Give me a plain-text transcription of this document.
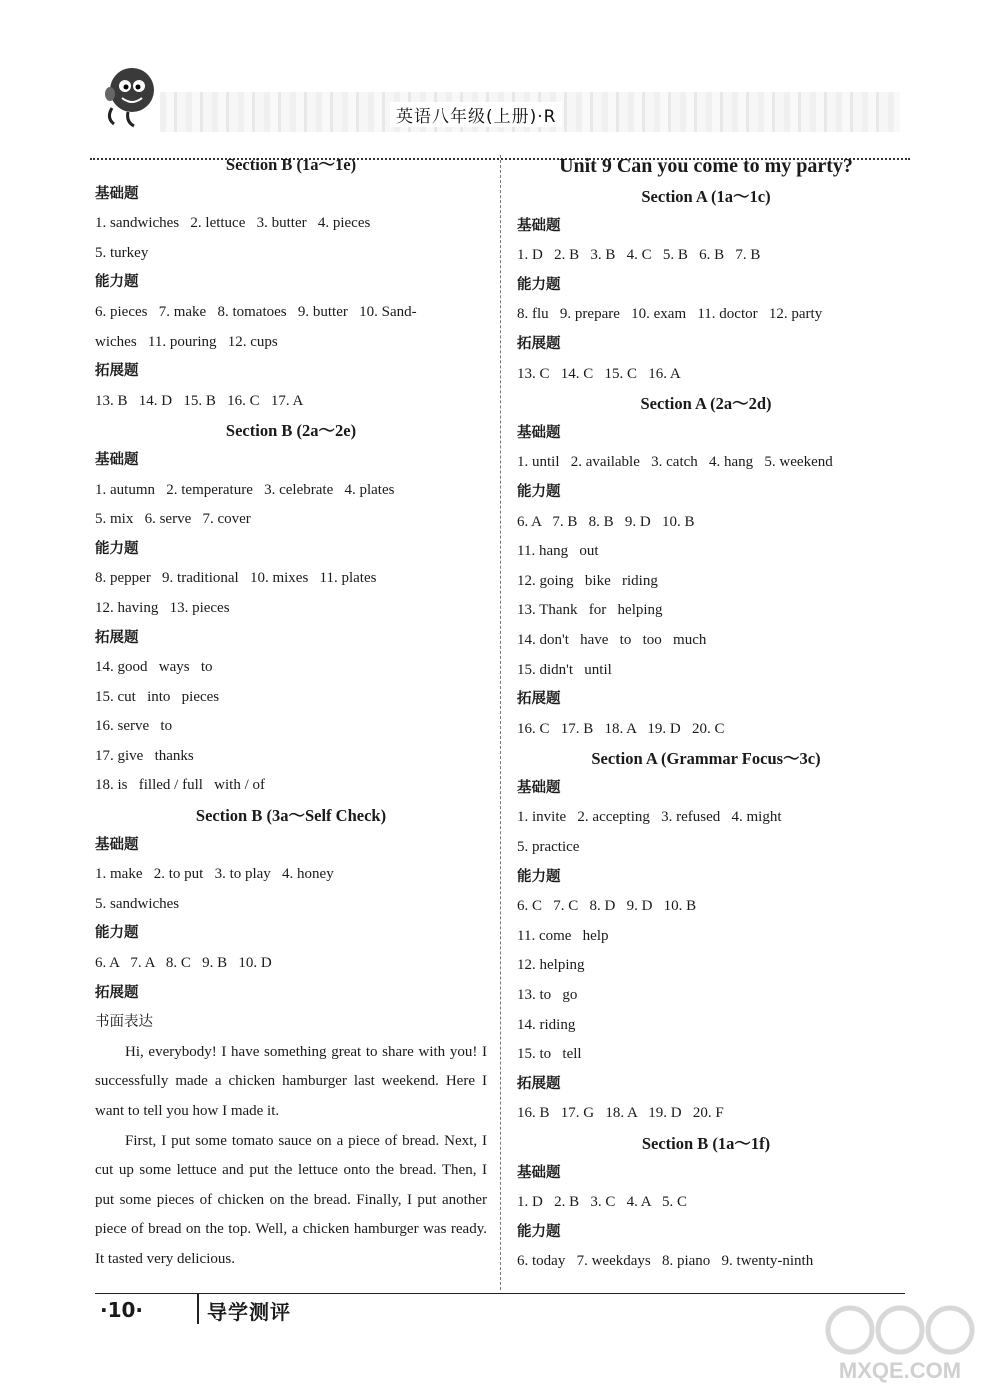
英语八年级(上册)·R

Section B (1a～1e)

基础题

1. sandwiches   2. lettuce   3. butter   4. pieces

5. turkey

能力题

6. pieces   7. make   8. tomatoes   9. butter   10. Sand-

wiches   11. pouring   12. cups

拓展题

13. B   14. D   15. B   16. C   17. A

Section B (2a～2e)

基础题

1. autumn   2. temperature   3. celebrate   4. plates

5. mix   6. serve   7. cover

能力题

8. pepper   9. traditional   10. mixes   11. plates

12. having   13. pieces

拓展题

14. good   ways   to

15. cut   into   pieces

16. serve   to

17. give   thanks

18. is   filled / full   with / of

Section B (3a～Self Check)

基础题

1. make   2. to put   3. to play   4. honey

5. sandwiches

能力题

6. A   7. A   8. C   9. B   10. D

拓展题

书面表达

Hi, everybody! I have something great to share with you! I successfully made a chicken hamburger last weekend. Here I want to tell you how I made it.

First, I put some tomato sauce on a piece of bread. Next, I cut up some lettuce and put the lettuce onto the bread. Then, I put some pieces of chicken on the bread. Finally, I put another piece of bread on the top. Well, a chicken hamburger was ready. It tasted very delicious.

Unit 9 Can you come to my party?

Section A (1a～1c)

基础题

1. D   2. B   3. B   4. C   5. B   6. B   7. B

能力题

8. flu   9. prepare   10. exam   11. doctor   12. party

拓展题

13. C   14. C   15. C   16. A

Section A (2a～2d)

基础题

1. until   2. available   3. catch   4. hang   5. weekend

能力题

6. A   7. B   8. B   9. D   10. B

11. hang   out

12. going   bike   riding

13. Thank   for   helping

14. don't   have   to   too   much

15. didn't   until

拓展题

16. C   17. B   18. A   19. D   20. C

Section A (Grammar Focus～3c)

基础题

1. invite   2. accepting   3. refused   4. might

5. practice

能力题

6. C   7. C   8. D   9. D   10. B

11. come   help

12. helping

13. to   go

14. riding

15. to   tell

拓展题

16. B   17. G   18. A   19. D   20. F

Section B (1a～1f)

基础题

1. D   2. B   3. C   4. A   5. C

能力题

6. today   7. weekdays   8. piano   9. twenty-ninth

·10·	导学测评
MXQE.COM
